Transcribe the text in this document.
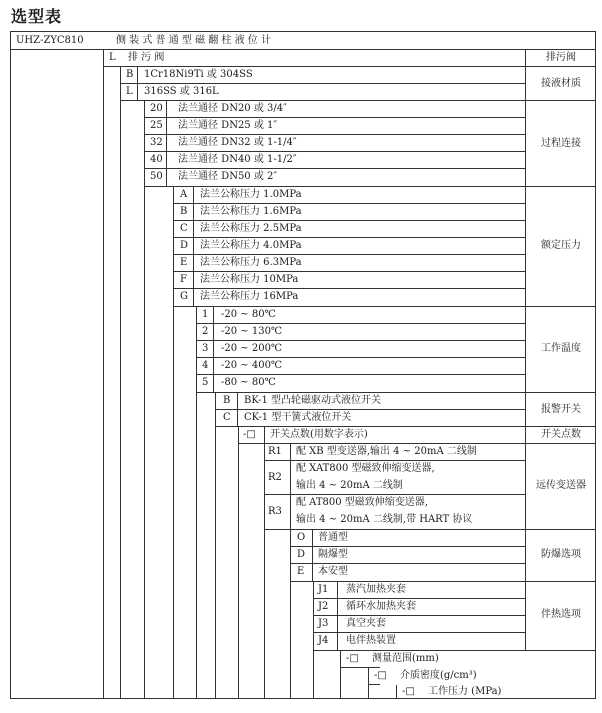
选型表
UHZ-ZYC810	侧 装 式 普 通 型 磁 翻 柱 液 位 计
L 排 污 阀	排污阀
B 1Cr18Ni9Ti 或 304SS
L 316SS 或 316L
接液材质
20 法兰通径 DN20 或 3/4″
25 法兰通径 DN25 或 1″
32 法兰通径 DN32 或 1-1/4″
40 法兰通径 DN40 或 1-1/2″
50 法兰通径 DN50 或 2″
过程连接
A 法兰公称压力 1.0MPa
B 法兰公称压力 1.6MPa
C 法兰公称压力 2.5MPa
D 法兰公称压力 4.0MPa
E 法兰公称压力 6.3MPa
F 法兰公称压力 10MPa
G 法兰公称压力 16MPa
额定压力
1 -20 ~ 80℃
2 -20 ~ 130℃
3 -20 ~ 200℃
4 -20 ~ 400℃
5 -80 ~ 80℃
工作温度
B BK-1 型凸轮磁驱动式液位开关
C CK-1 型干簧式液位开关
报警开关
-□ 开关点数(用数字表示)	开关点数
R1 配 XB 型变送器,输出 4 ~ 20mA 二线制
R2
配 XAT800 型磁致伸缩变送器,
输出 4 ~ 20mA 二线制
R3
配 AT800 型磁致伸缩变送器,
输出 4 ~ 20mA 二线制,带 HART 协议
远传变送器
O 普通型
D 隔爆型
E 本安型
防爆选项
J1 蒸汽加热夹套
J2 循环水加热夹套
J3 真空夹套
J4 电伴热装置
伴热选项
-□ 测量范围(mm)
-□ 介质密度(g/cm³)
-□ 工作压力 (MPa)
